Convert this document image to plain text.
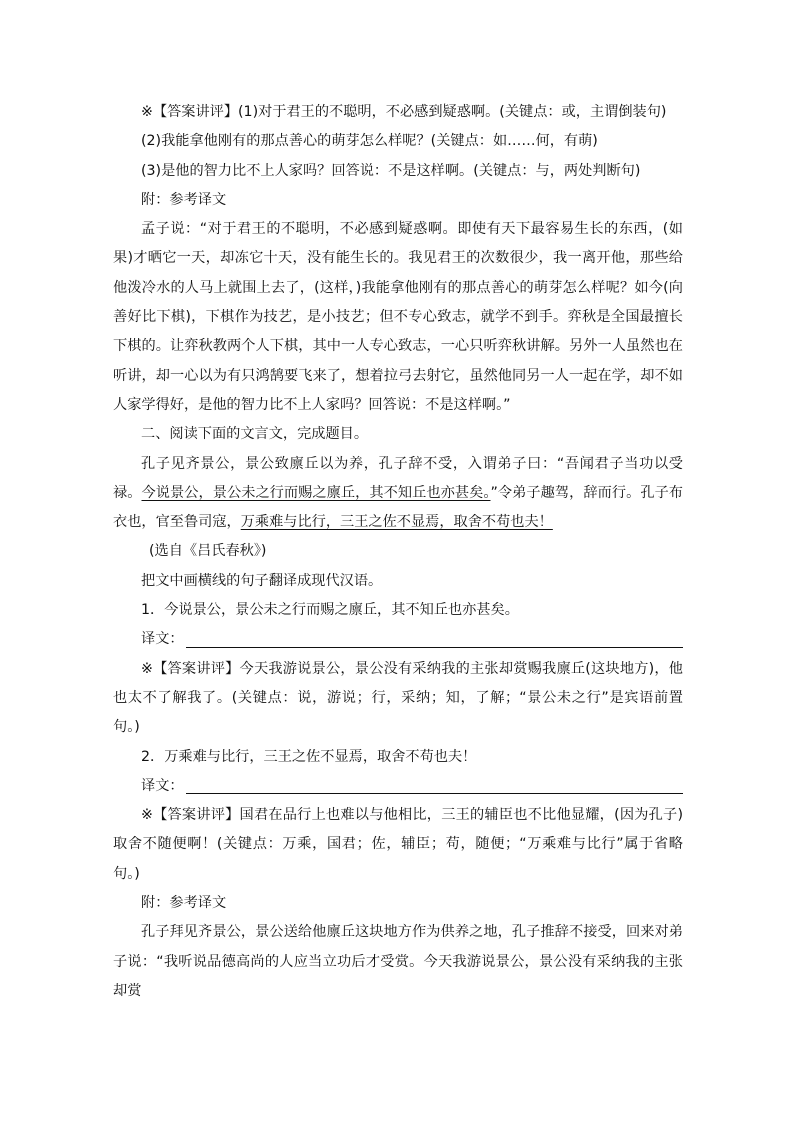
※【答案讲评】(1)对于君王的不聪明，不必感到疑惑啊。(关键点：或，主谓倒装句)

(2)我能拿他刚有的那点善心的萌芽怎么样呢？(关键点：如……何，有萌)

(3)是他的智力比不上人家吗？回答说：不是这样啊。(关键点：与，两处判断句)

附：参考译文

孟子说：“对于君王的不聪明，不必感到疑惑啊。即使有天下最容易生长的东西，(如果)才晒它一天，却冻它十天，没有能生长的。我见君王的次数很少，我一离开他，那些给他泼冷水的人马上就围上去了，(这样，)我能拿他刚有的那点善心的萌芽怎么样呢？如今(向善好比下棋)，下棋作为技艺，是小技艺；但不专心致志，就学不到手。弈秋是全国最擅长下棋的。让弈秋教两个人下棋，其中一人专心致志，一心只听弈秋讲解。另外一人虽然也在听讲，却一心以为有只鸿鹄要飞来了，想着拉弓去射它，虽然他同另一人一起在学，却不如人家学得好，是他的智力比不上人家吗？回答说：不是这样啊。”

二、阅读下面的文言文，完成题目。

孔子见齐景公，景公致廪丘以为养，孔子辞不受，入谓弟子曰：“吾闻君子当功以受禄。今说景公，景公未之行而赐之廪丘，其不知丘也亦甚矣。”令弟子趣驾，辞而行。孔子布衣也，官至鲁司寇，万乘难与比行，三王之佐不显焉，取舍不苟也夫！

(选自《吕氏春秋》)

把文中画横线的句子翻译成现代汉语。

1．今说景公，景公未之行而赐之廪丘，其不知丘也亦甚矣。

译文：

※【答案讲评】今天我游说景公，景公没有采纳我的主张却赏赐我廪丘(这块地方)，他也太不了解我了。(关键点：说，游说；行，采纳；知，了解；“景公未之行”是宾语前置句。)

2．万乘难与比行，三王之佐不显焉，取舍不苟也夫！

译文：

※【答案讲评】国君在品行上也难以与他相比，三王的辅臣也不比他显耀，(因为孔子)取舍不随便啊！(关键点：万乘，国君；佐，辅臣；苟，随便；“万乘难与比行”属于省略句。)

附：参考译文

孔子拜见齐景公，景公送给他廪丘这块地方作为供养之地，孔子推辞不接受，回来对弟子说：“我听说品德高尚的人应当立功后才受赏。今天我游说景公，景公没有采纳我的主张却赏
